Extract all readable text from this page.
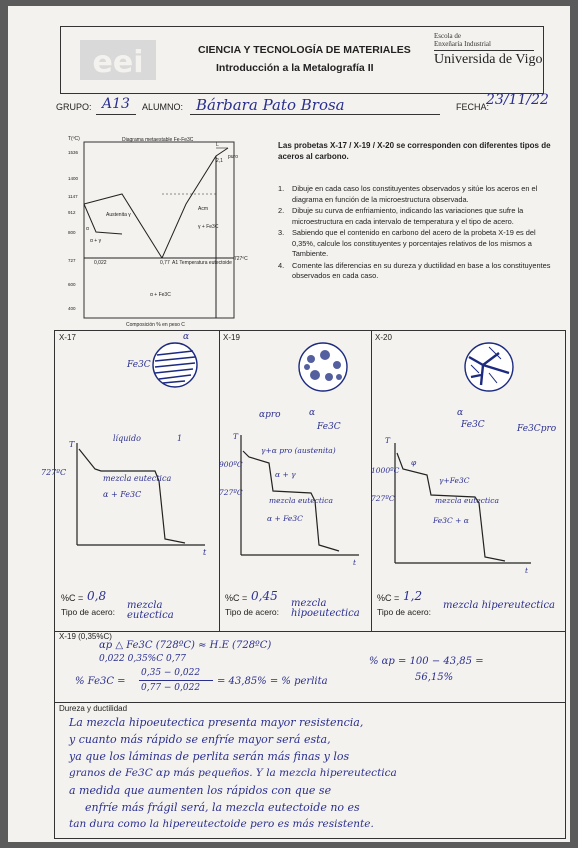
eei	CIENCIA Y TECNOLOGÍA DE MATERIALES
Introducción a la Metalografía II
Escola de
Enxeñaría Industrial
Universida de Vigo
GRUPO: A13 ALUMNO: Bárbara Pato Brosa	FECHA:
23/11/22
T(ºC)	Diagrama metaestable Fe-Fe3C
1536
1400
1147
912
800
727
600
400
L
puro
2,1
Austenita γ
γ + Fe3C
Acm
α + γ
α
0,022	0,77 A1 Temperatura eutectoide
727ºC
α + Fe3C
Composición % en peso C
Las probetas X-17 / X-19 / X-20 se corresponden con diferentes tipos de aceros al carbono.
1. Dibuje en cada caso los constituyentes observados y sitúe los aceros en el diagrama en función de la microestructura observada.
2. Dibuje su curva de enfriamiento, indicando las variaciones que sufre la microestructura en cada intervalo de temperatura y el tipo de acero.
3. Sabiendo que el contenido en carbono del acero de la probeta X-19 es del 0,35%, calcule los constituyentes y porcentajes relativos de los mismos a Tambiente.
4. Comente las diferencias en su dureza y ductilidad en base a los constituyentes observados en cada caso.
X-17
Fe3C
α
T
t
líquido	1
mezcla eutectica
α + Fe3C
727ºC
%C = 0,8
Tipo de acero:
mezcla eutectica
X-19
αpro	α
Fe3C
T
t
γ+α pro (austenita)
α + γ
mezcla eutectica
α + Fe3C
900ºC
727ºC
%C = 0,45
Tipo de acero:
mezcla hipoeutectica
X-20
α
Fe3C	Fe3Cpro
T
t
φ
γ+Fe3C
mezcla eutectica
Fe3C + α
1000ºC
727ºC
%C = 1,2
Tipo de acero:
mezcla hipereutectica
X-19 (0,35%C)
αp △ Fe3C (728ºC) ≈ H.E (728ºC)
0,022 0,35%C 0,77
% Fe3C =
0,35 − 0,022
0,77 − 0,022
= 43,85% = % perlita
% αp = 100 − 43,85 =
56,15%
Dureza y ductilidad
La mezcla hipoeutectica presenta mayor resistencia,
y cuanto más rápido se enfríe mayor será esta,
ya que los láminas de perlita serán más finas y los
granos de Fe3C αp más pequeños. Y la mezcla hipereutectica
a medida que aumenten los rápidos con que se
enfríe más frágil será, la mezcla eutectoide no es
tan dura como la hipereutectoide pero es más resistente.
